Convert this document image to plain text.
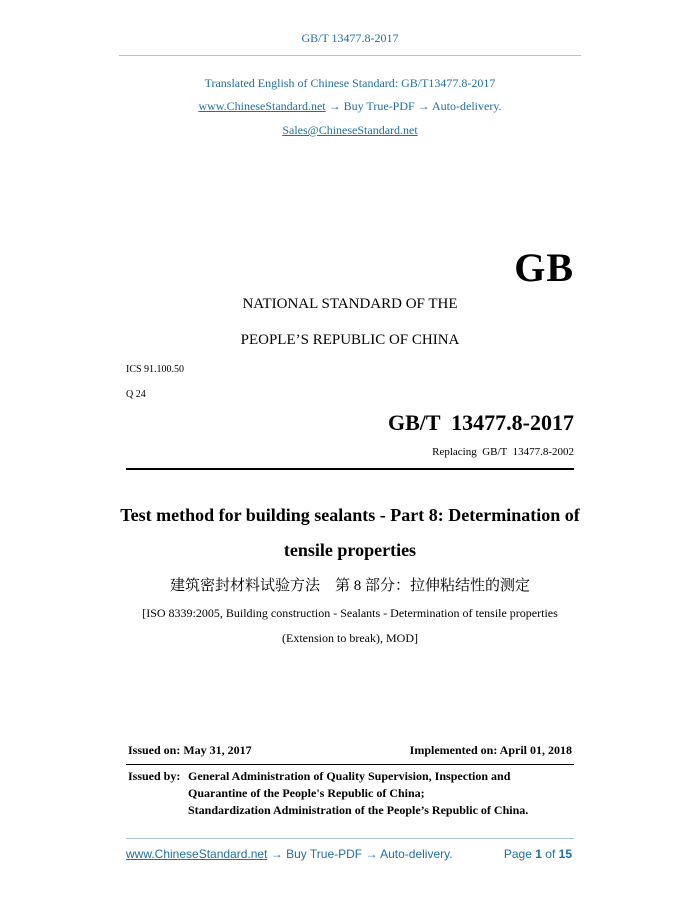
GB/T 13477.8-2017
Translated English of Chinese Standard: GB/T13477.8-2017
www.ChineseStandard.net → Buy True-PDF → Auto-delivery.
Sales@ChineseStandard.net
GB
NATIONAL STANDARD OF THE
PEOPLE’S REPUBLIC OF CHINA
ICS 91.100.50
Q 24
GB/T  13477.8-2017
Replacing  GB/T  13477.8-2002
Test method for building sealants - Part 8: Determination of
tensile properties
建筑密封材料试验方法　第 8 部分：拉伸粘结性的测定
[ISO 8339:2005, Building construction - Sealants - Determination of tensile properties
(Extension to break), MOD]
Issued on: May 31, 2017	Implemented on: April 01, 2018
Issued by: General Administration of Quality Supervision, Inspection and
Quarantine of the People's Republic of China;
Standardization Administration of the People’s Republic of China.
www.ChineseStandard.net → Buy True-PDF → Auto-delivery.	Page 1 of 15
